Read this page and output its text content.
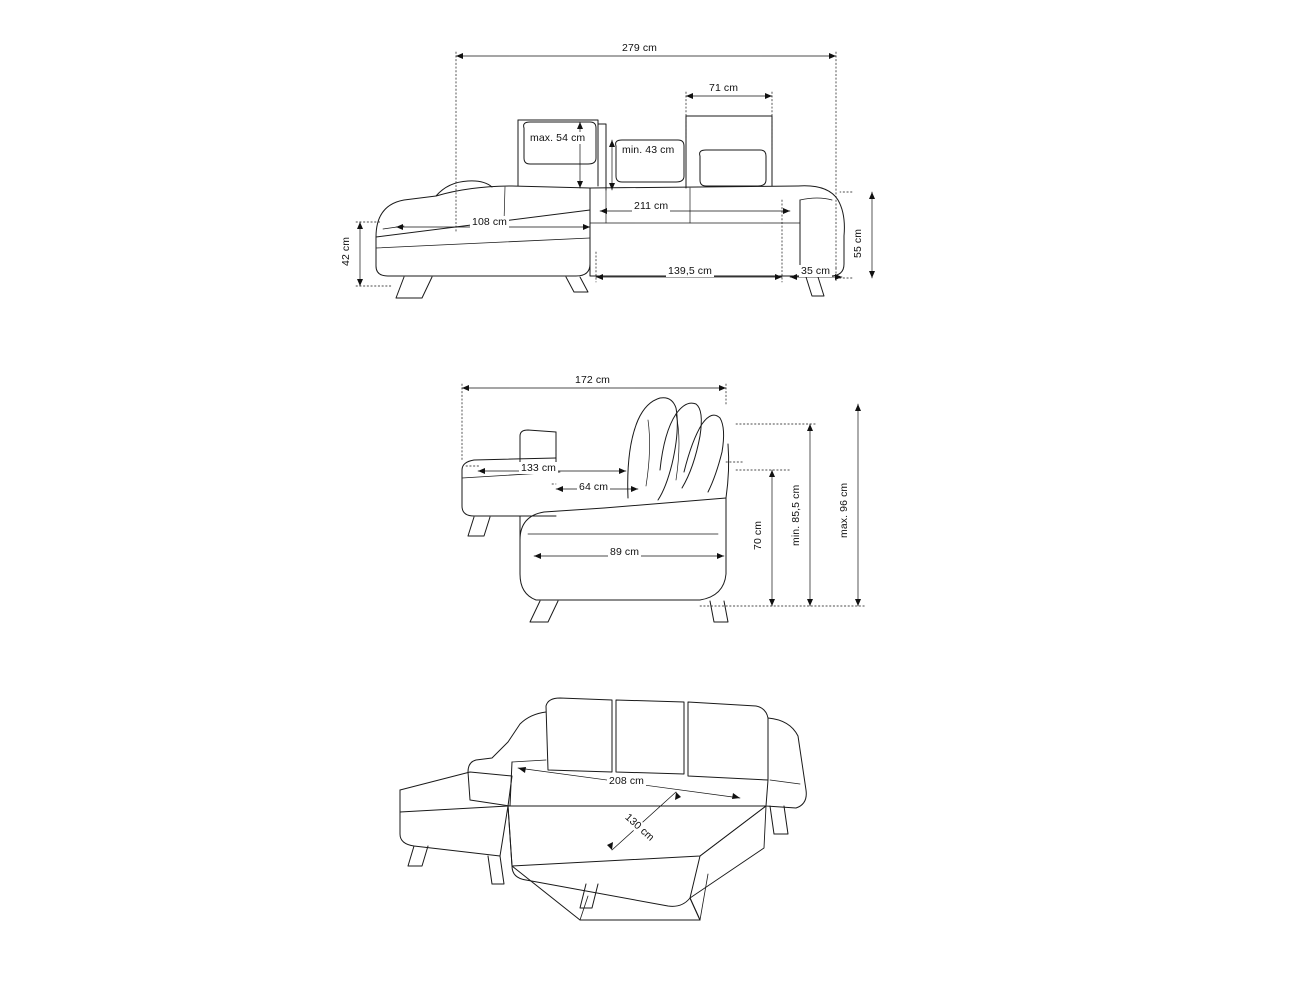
279 cm
71 cm
max. 54 cm
min. 43 cm
108 cm
211 cm
42 cm	55 cm
139,5 cm	35 cm
172 cm
133 cm
64 cm
89 cm
70 cm min. 85,5 cm	max. 96 cm
208 cm
130 cm
